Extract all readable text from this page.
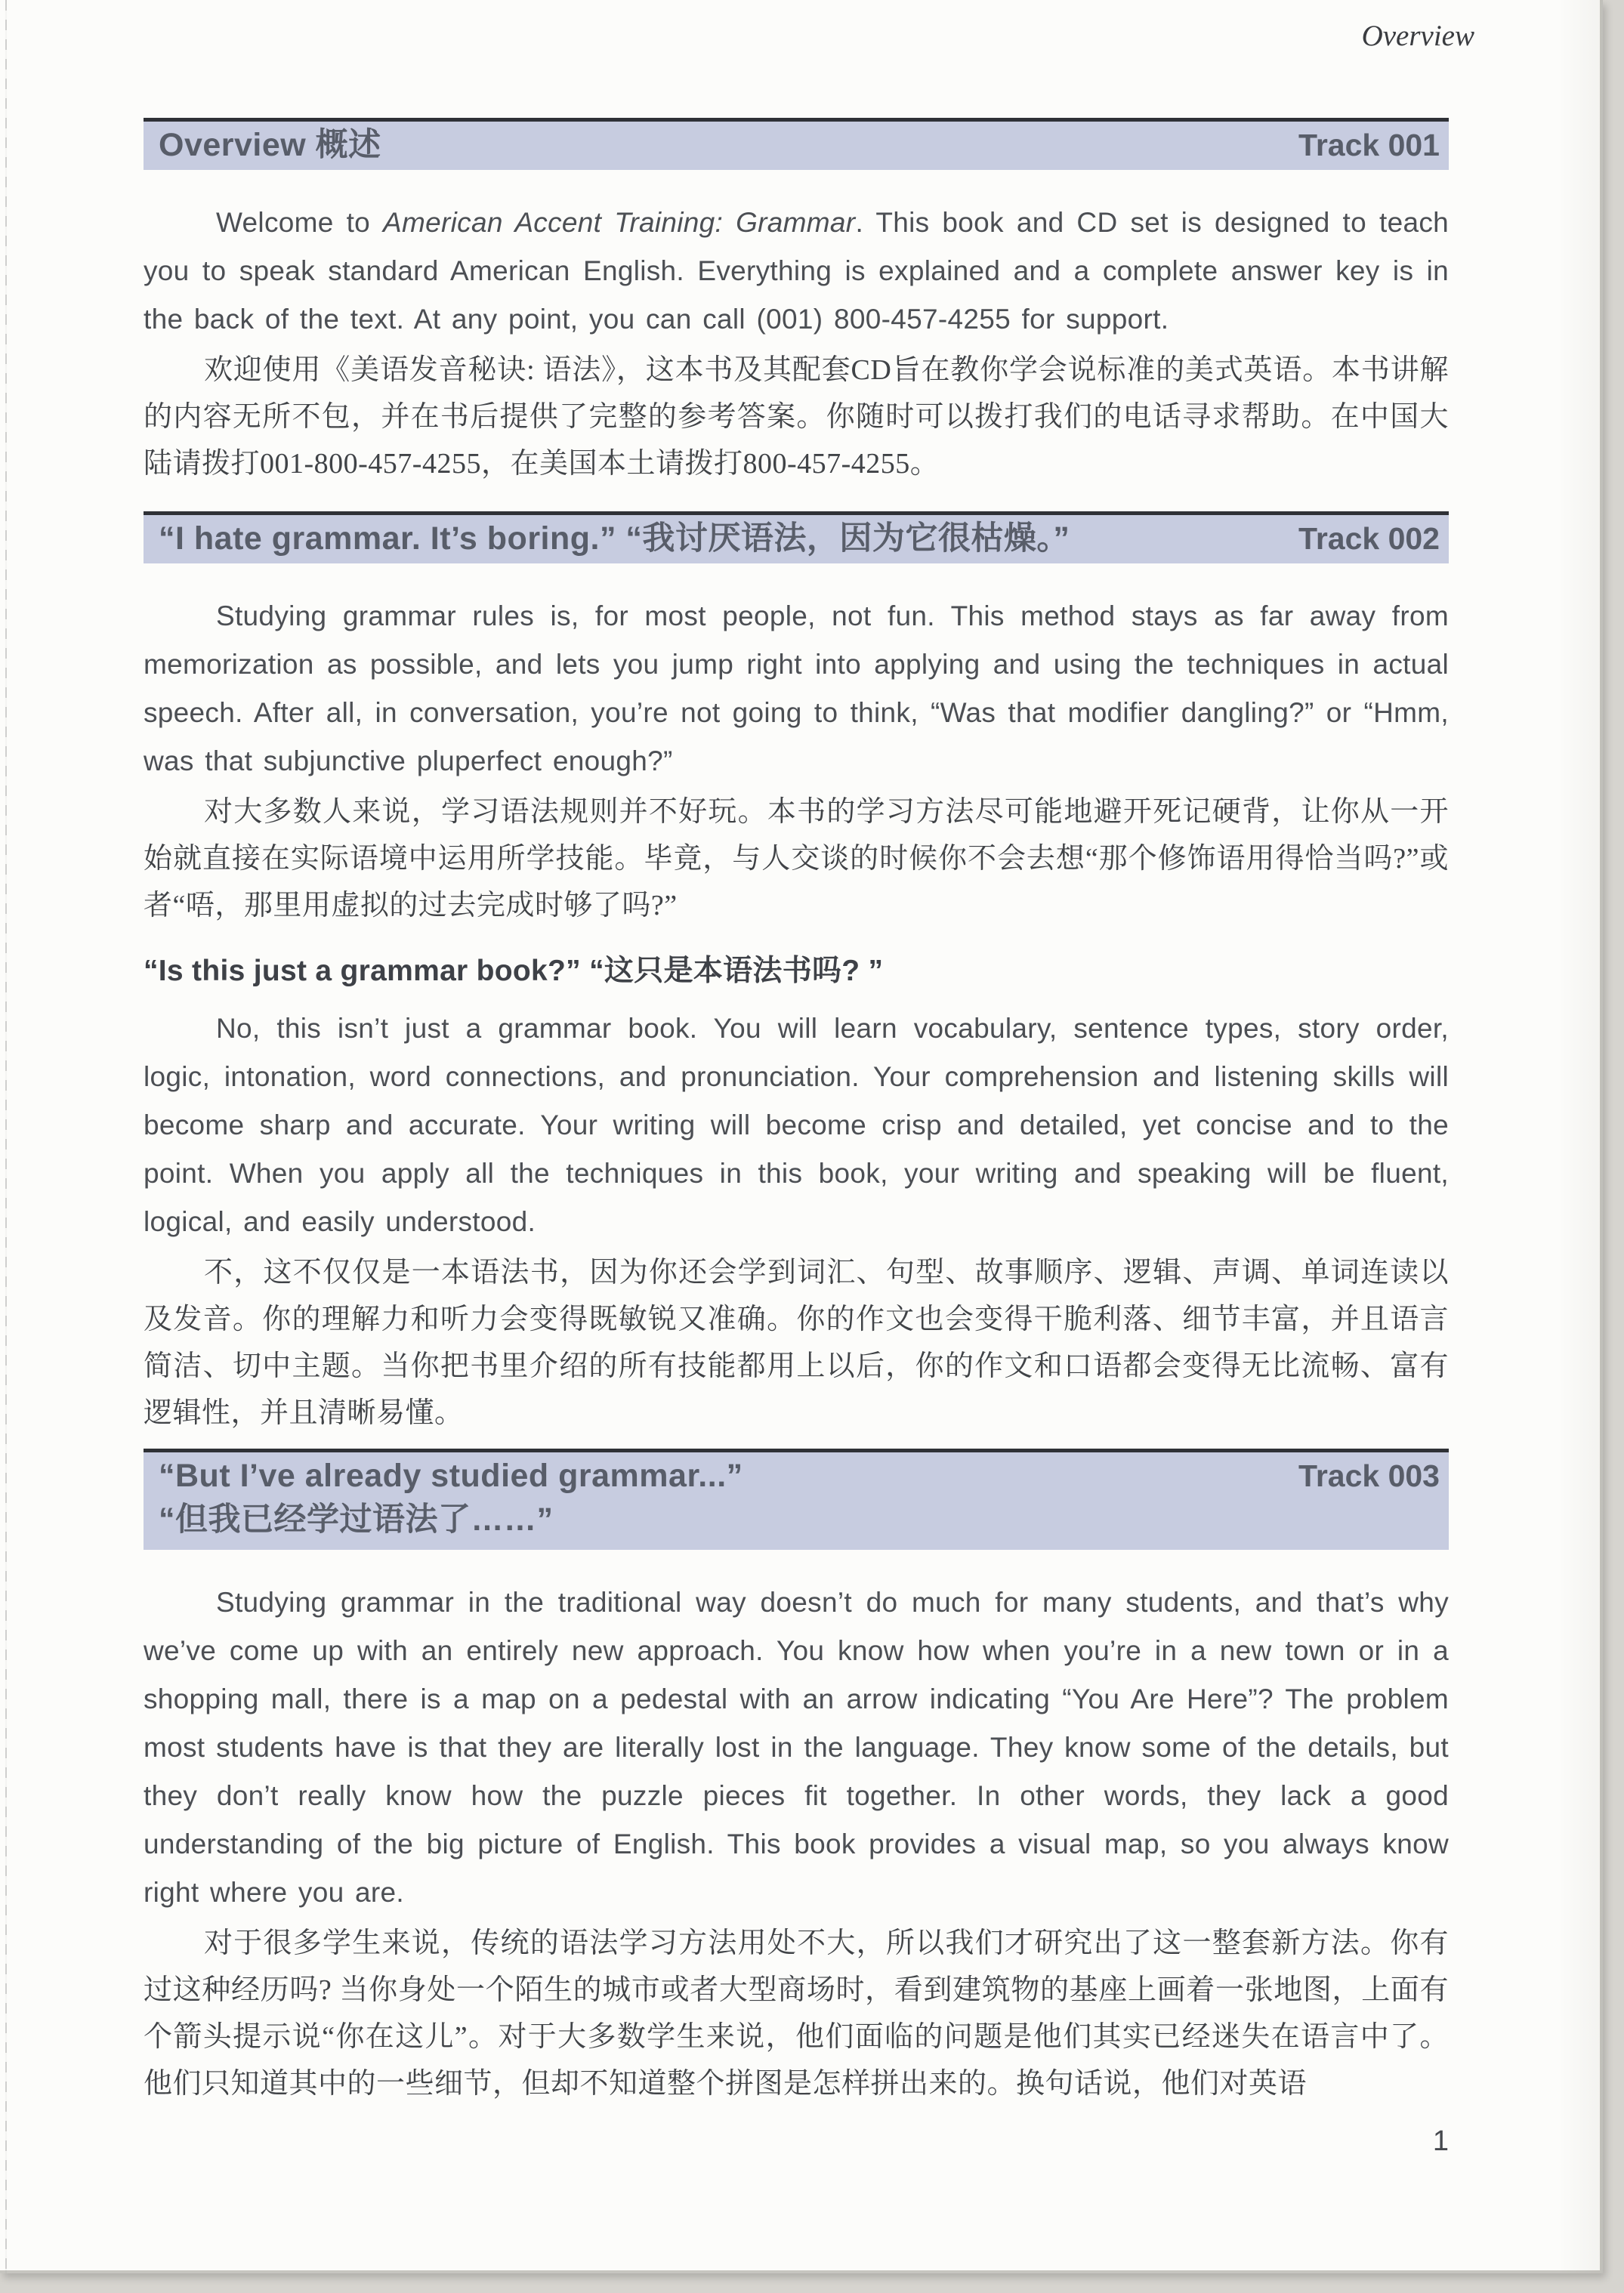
Overview
Overview 概述	Track 001

Welcome to American Accent Training: Grammar. This book and CD set is designed to teach you to speak standard American English. Everything is explained and a complete answer key is in the back of the text. At any point, you can call (001) 800-457-4255 for support.

欢迎使用《美语发音秘诀: 语法》，这本书及其配套CD旨在教你学会说标准的美式英语。本书讲解的内容无所不包，并在书后提供了完整的参考答案。你随时可以拨打我们的电话寻求帮助。在中国大陆请拨打001-800-457-4255，在美国本土请拨打800-457-4255。

“I hate grammar. It’s boring.” “我讨厌语法，因为它很枯燥。”	Track 002

Studying grammar rules is, for most people, not fun. This method stays as far away from memorization as possible, and lets you jump right into applying and using the techniques in actual speech. After all, in conversation, you’re not going to think, “Was that modifier dangling?” or “Hmm, was that subjunctive pluperfect enough?”

对大多数人来说，学习语法规则并不好玩。本书的学习方法尽可能地避开死记硬背，让你从一开始就直接在实际语境中运用所学技能。毕竟，与人交谈的时候你不会去想“那个修饰语用得恰当吗?”或者“唔，那里用虚拟的过去完成时够了吗?”

“Is this just a grammar book?” “这只是本语法书吗? ”

No, this isn’t just a grammar book. You will learn vocabulary, sentence types, story order, logic, intonation, word connections, and pronunciation. Your comprehension and listening skills will become sharp and accurate. Your writing will become crisp and detailed, yet concise and to the point. When you apply all the techniques in this book, your writing and speaking will be fluent, logical, and easily understood.

不，这不仅仅是一本语法书，因为你还会学到词汇、句型、故事顺序、逻辑、声调、单词连读以及发音。你的理解力和听力会变得既敏锐又准确。你的作文也会变得干脆利落、细节丰富，并且语言简洁、切中主题。当你把书里介绍的所有技能都用上以后，你的作文和口语都会变得无比流畅、富有逻辑性，并且清晰易懂。

“But I’ve already studied grammar...”
“但我已经学过语法了……”
Track 003

Studying grammar in the traditional way doesn’t do much for many students, and that’s why we’ve come up with an entirely new approach. You know how when you’re in a new town or in a shopping mall, there is a map on a pedestal with an arrow indicating “You Are Here”? The problem most students have is that they are literally lost in the language. They know some of the details, but they don’t really know how the puzzle pieces fit together. In other words, they lack a good understanding of the big picture of English. This book provides a visual map, so you always know right where you are.

对于很多学生来说，传统的语法学习方法用处不大，所以我们才研究出了这一整套新方法。你有过这种经历吗? 当你身处一个陌生的城市或者大型商场时，看到建筑物的基座上画着一张地图，上面有个箭头提示说“你在这儿”。对于大多数学生来说，他们面临的问题是他们其实已经迷失在语言中了。他们只知道其中的一些细节，但却不知道整个拼图是怎样拼出来的。换句话说，他们对英语

1
